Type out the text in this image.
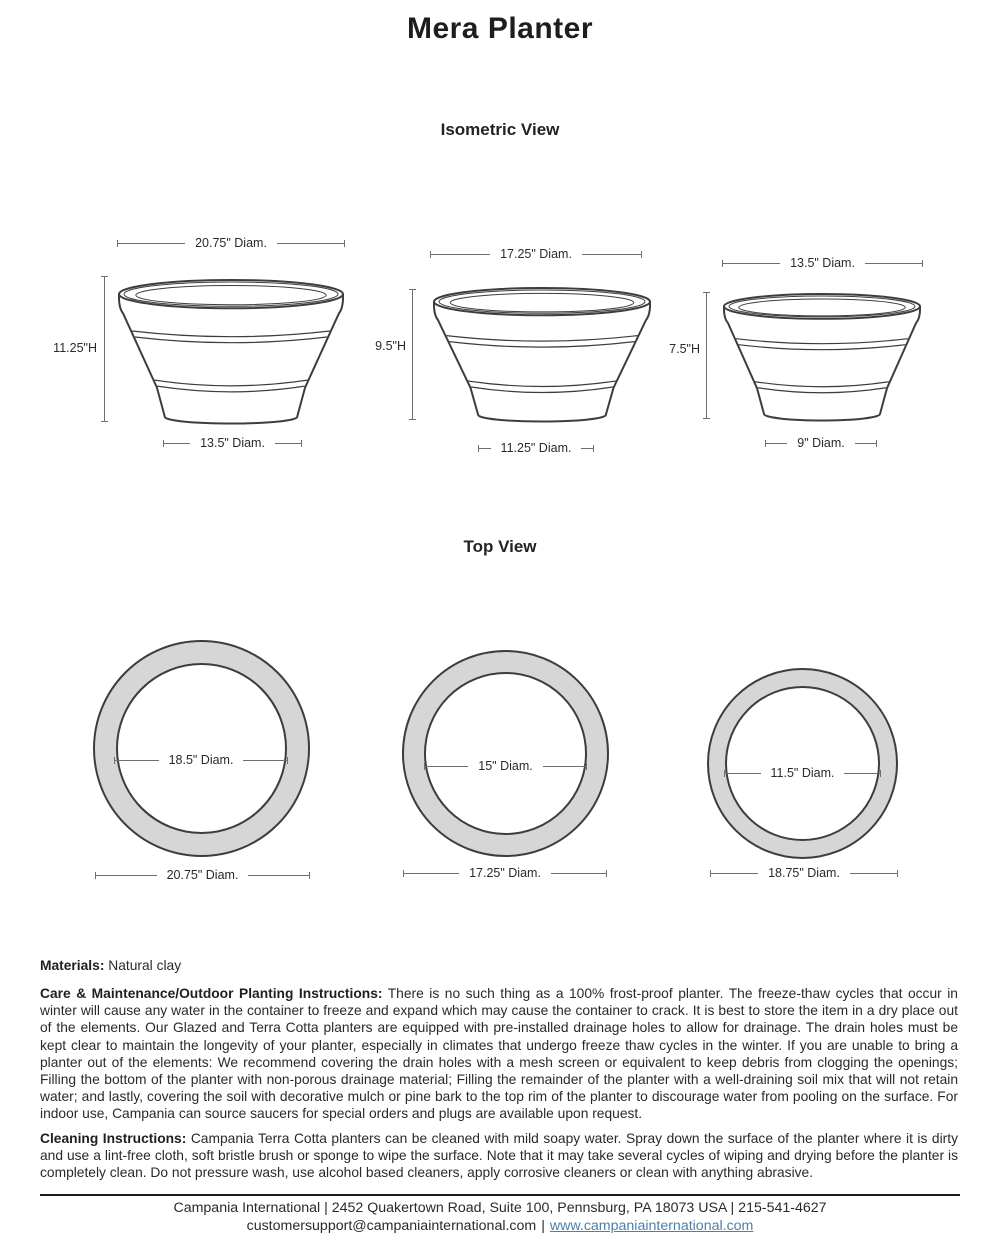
Mera Planter
Isometric View
20.75" Diam.
11.25"H
13.5" Diam.
17.25" Diam.
9.5"H
11.25" Diam.
13.5" Diam.
7.5"H
9" Diam.
Top View
18.5" Diam.
20.75" Diam.
15" Diam.
17.25" Diam.
11.5" Diam.
18.75" Diam.

Materials: Natural clay

Care & Maintenance/Outdoor Planting Instructions: There is no such thing as a 100% frost-proof planter. The freeze-thaw cycles that occur in winter will cause any water in the container to freeze and expand which may cause the container to crack. It is best to store the item in a dry place out of the elements. Our Glazed and Terra Cotta planters are equipped with pre-installed drainage holes to allow for drainage. The drain holes must be kept clear to maintain the longevity of your planter, especially in climates that undergo freeze thaw cycles in the winter. If you are unable to bring a planter out of the elements: We recommend covering the drain holes with a mesh screen or equivalent to keep debris from clogging the openings; Filling the bottom of the planter with non-porous drainage material; Filling the remainder of the planter with a well-draining soil mix that will not retain water; and lastly, covering the soil with decorative mulch or pine bark to the top rim of the planter to discourage water from pooling on the surface. For indoor use, Campania can source saucers for special orders and plugs are available upon request.

Cleaning Instructions: Campania Terra Cotta planters can be cleaned with mild soapy water. Spray down the surface of the planter where it is dirty and use a lint-free cloth, soft bristle brush or sponge to wipe the surface. Note that it may take several cycles of wiping and drying before the planter is completely clean. Do not pressure wash, use alcohol based cleaners, apply corrosive cleaners or clean with anything abrasive.

Campania International | 2452 Quakertown Road, Suite 100, Pennsburg, PA 18073 USA | 215-541-4627
customersupport@campaniainternational.com | www.campaniainternational.com
